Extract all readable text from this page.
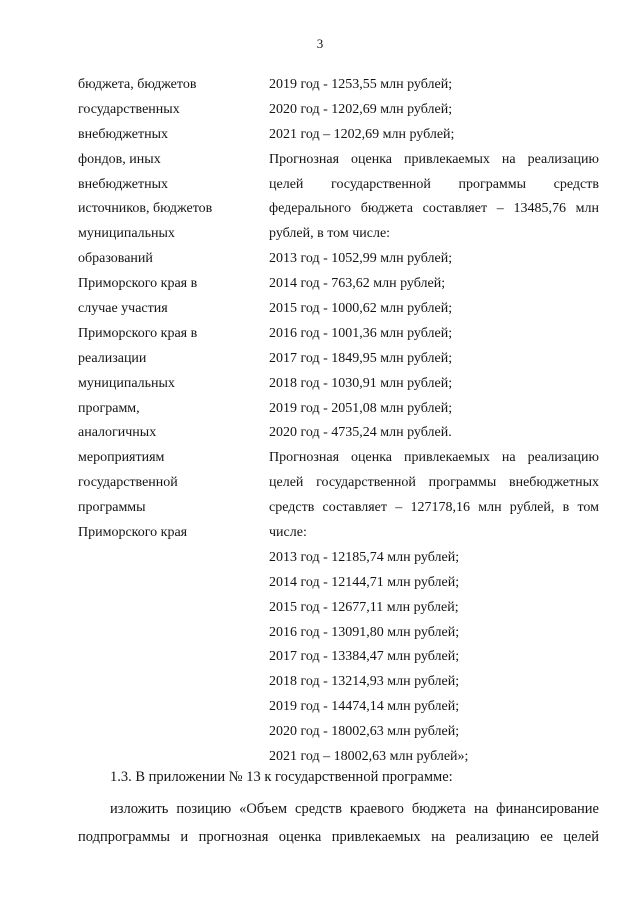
3
бюджета, бюджетов
государственных
внебюджетных
фондов, иных
внебюджетных
источников, бюджетов
муниципальных
образований
Приморского края в
случае участия
Приморского края в
реализации
муниципальных
программ,
аналогичных
мероприятиям
государственной
программы
Приморского края
2019 год - 1253,55 млн рублей;
2020 год - 1202,69 млн рублей;
2021 год – 1202,69 млн рублей;
Прогнозная оценка привлекаемых на реализацию
целей государственной программы средств
федерального бюджета составляет – 13485,76 млн
рублей, в том числе:
2013 год - 1052,99 млн рублей;
2014 год - 763,62 млн рублей;
2015 год - 1000,62 млн рублей;
2016 год - 1001,36 млн рублей;
2017 год - 1849,95 млн рублей;
2018 год - 1030,91 млн рублей;
2019 год - 2051,08 млн рублей;
2020 год - 4735,24 млн рублей.
Прогнозная оценка привлекаемых на реализацию
целей государственной программы внебюджетных
средств составляет – 127178,16 млн рублей, в том
числе:
2013 год - 12185,74 млн рублей;
2014 год - 12144,71 млн рублей;
2015 год - 12677,11 млн рублей;
2016 год - 13091,80 млн рублей;
2017 год - 13384,47 млн рублей;
2018 год - 13214,93 млн рублей;
2019 год - 14474,14 млн рублей;
2020 год - 18002,63 млн рублей;
2021 год – 18002,63 млн рублей»;
1.3. В приложении № 13 к государственной программе:
изложить позицию «Объем средств краевого бюджета на финансирование
подпрограммы и прогнозная оценка привлекаемых на реализацию ее целей
